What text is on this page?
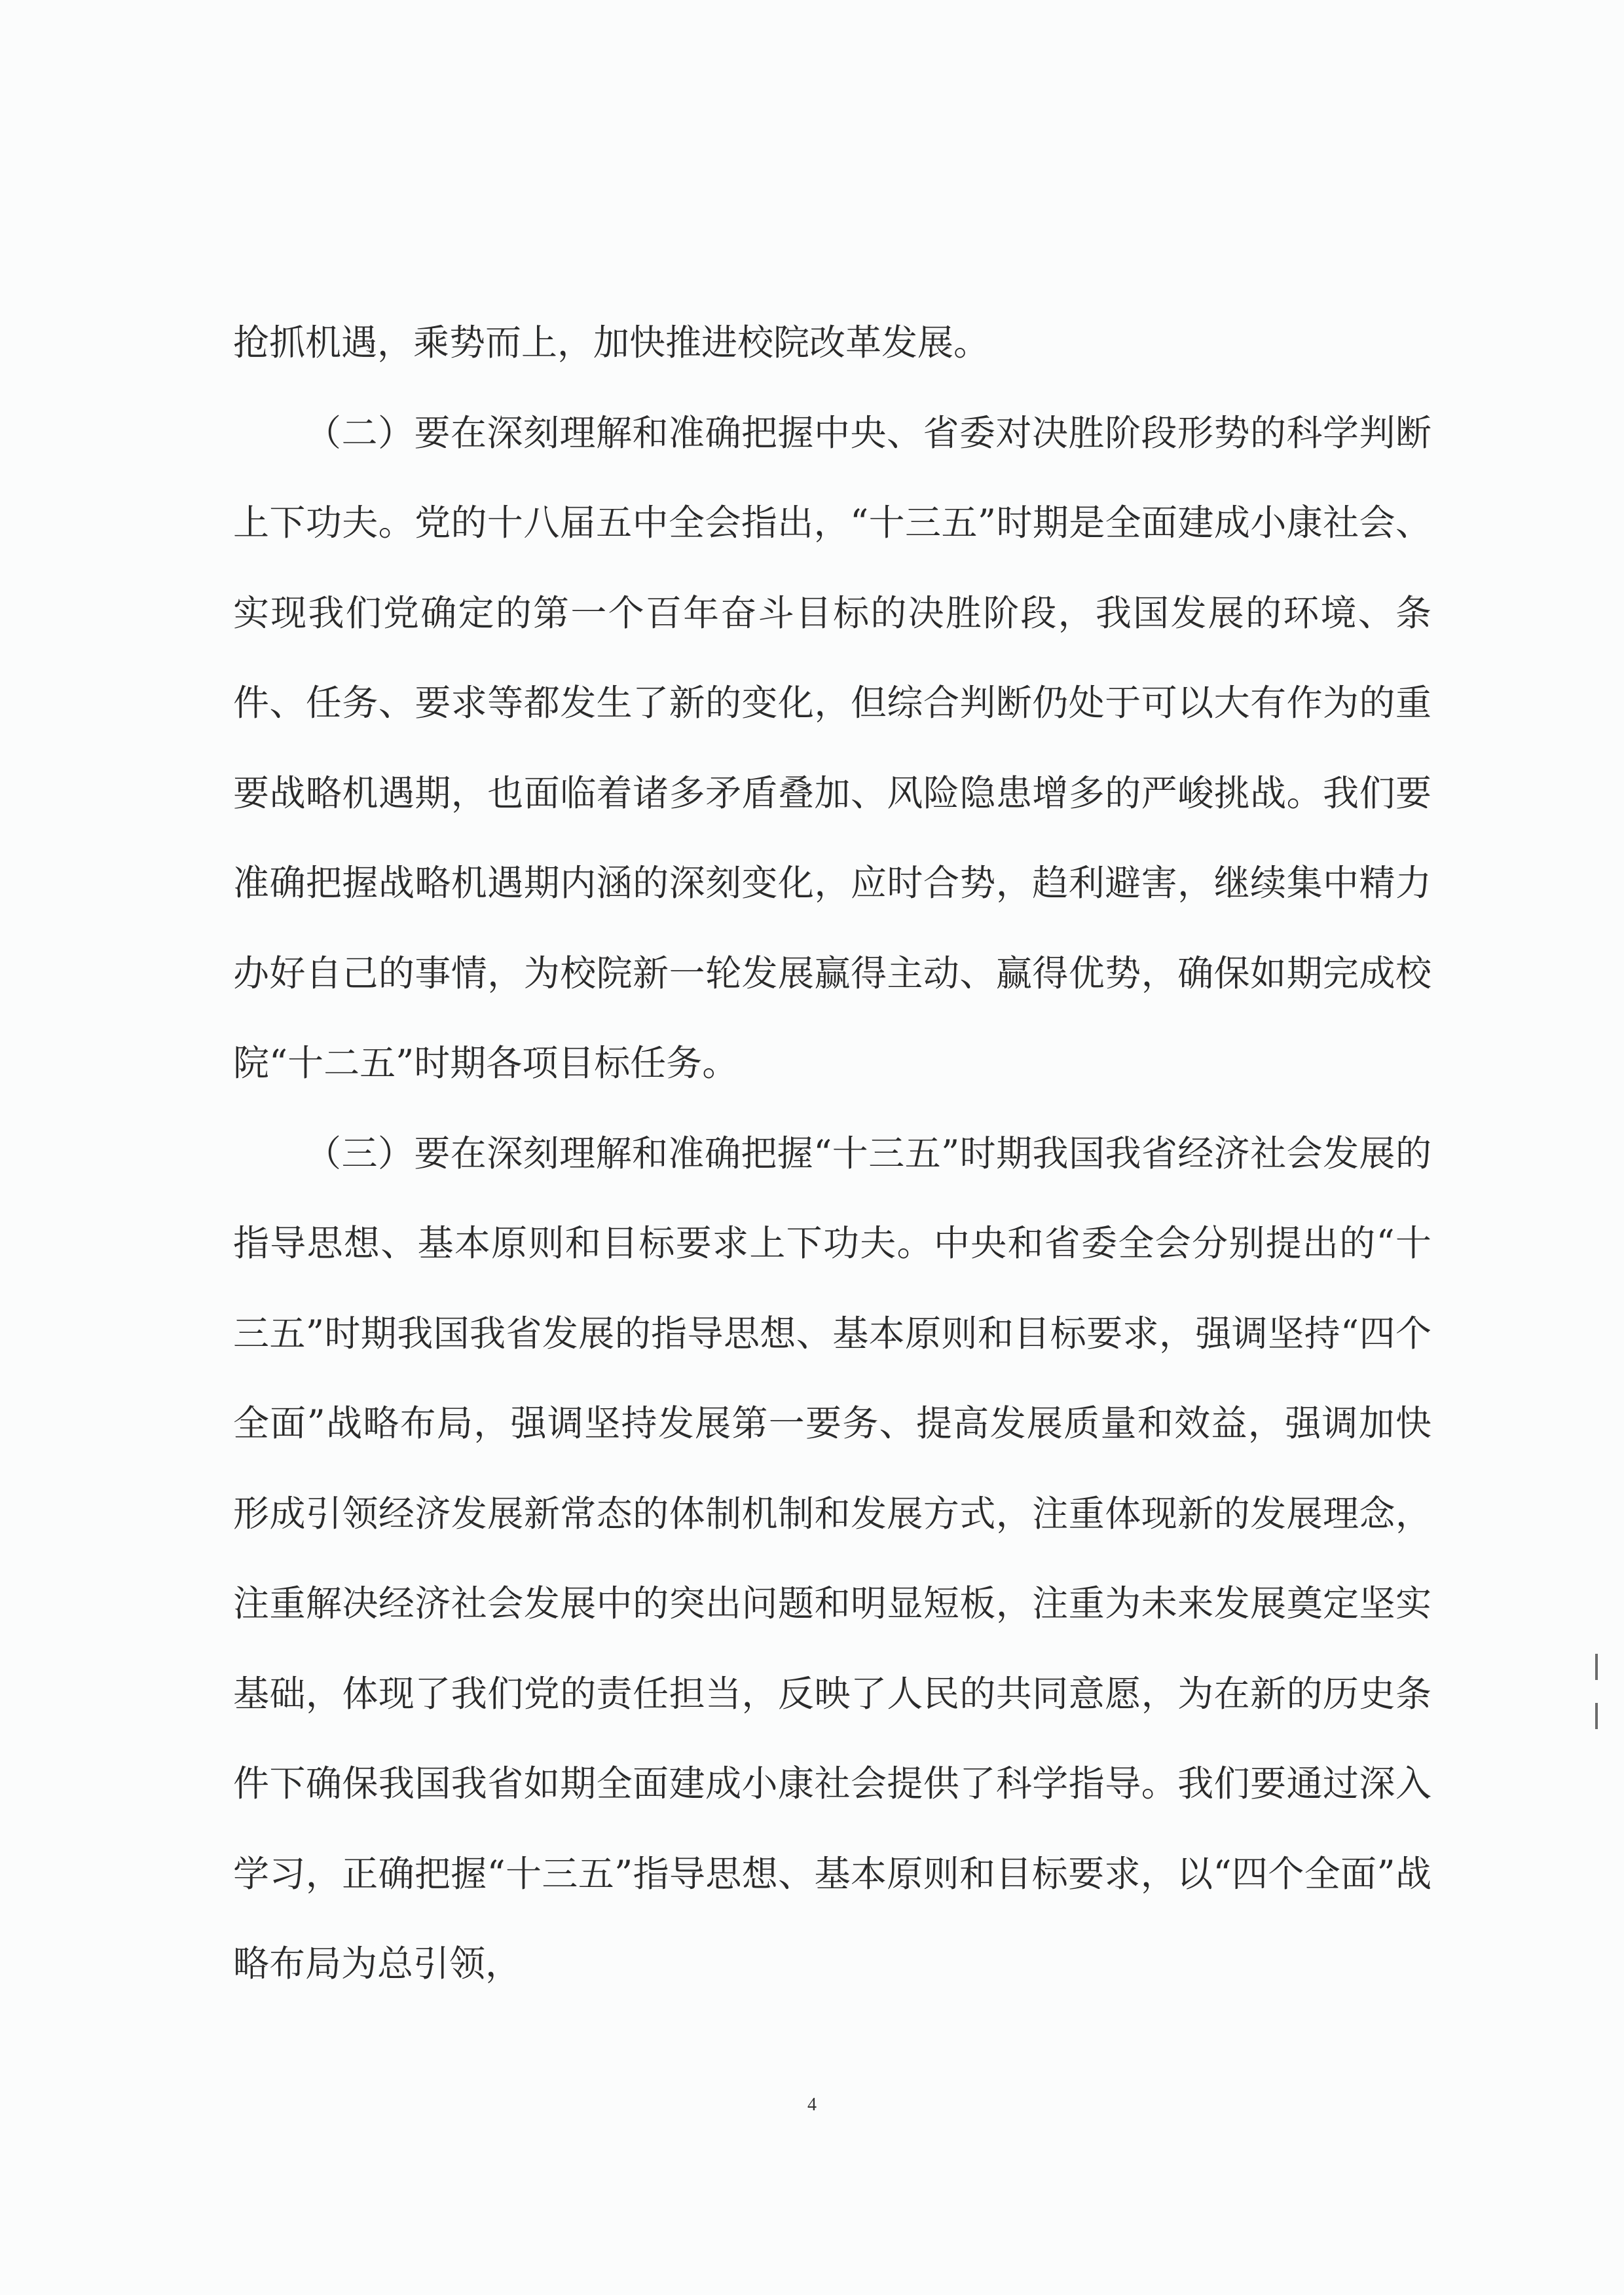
抢抓机遇，乘势而上，加快推进校院改革发展。

（二）要在深刻理解和准确把握中央、省委对决胜阶段形势的科学判断上下功夫。党的十八届五中全会指出，“十三五”时期是全面建成小康社会、实现我们党确定的第一个百年奋斗目标的决胜阶段，我国发展的环境、条件、任务、要求等都发生了新的变化，但综合判断仍处于可以大有作为的重要战略机遇期，也面临着诸多矛盾叠加、风险隐患增多的严峻挑战。我们要准确把握战略机遇期内涵的深刻变化，应时合势，趋利避害，继续集中精力办好自己的事情，为校院新一轮发展赢得主动、赢得优势，确保如期完成校院“十二五”时期各项目标任务。

（三）要在深刻理解和准确把握“十三五”时期我国我省经济社会发展的指导思想、基本原则和目标要求上下功夫。中央和省委全会分别提出的“十三五”时期我国我省发展的指导思想、基本原则和目标要求，强调坚持“四个全面”战略布局，强调坚持发展第一要务、提高发展质量和效益，强调加快形成引领经济发展新常态的体制机制和发展方式，注重体现新的发展理念，注重解决经济社会发展中的突出问题和明显短板，注重为未来发展奠定坚实基础，体现了我们党的责任担当，反映了人民的共同意愿，为在新的历史条件下确保我国我省如期全面建成小康社会提供了科学指导。我们要通过深入学习，正确把握“十三五”指导思想、基本原则和目标要求，以“四个全面”战略布局为总引领，

4
